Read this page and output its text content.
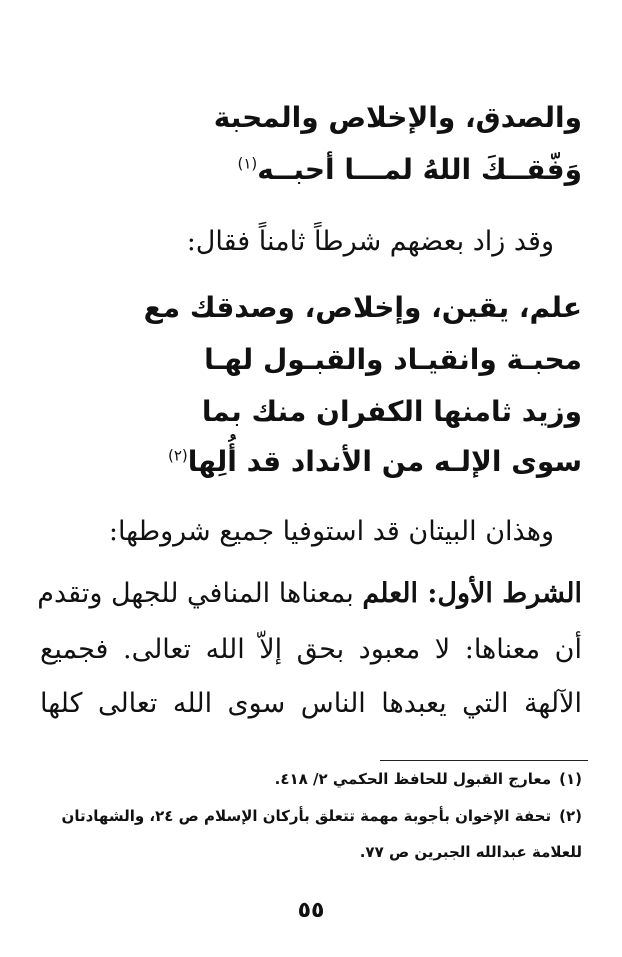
والصدق، والإخلاص والمحبة
وَفّقــكَ اللهُ لمـــا أحبــه$^{(١)}$
وقد زاد بعضهم شرطاً ثامناً فقال:
علم، يقين، وإخلاص، وصدقك مع
محبـة وانقيـاد والقبـول لهـا
وزيد ثامنها الكفران منك بما
سوى الإلـه من الأنداد قد أُلِها$^{(٢)}$
وهذان البيتان قد استوفيا جميع شروطها:
الشرط الأول: العلم بمعناها المنافي للجهل وتقدم
أن معناها: لا معبود بحق إلاّ الله تعالى. فجميع
الآلهة التي يعبدها الناس سوى الله تعالى كلها
(١)معارج القبول للحافظ الحكمي ٢/ ٤١٨.
(٢)تحفة الإخوان بأجوبة مهمة تتعلق بأركان الإسلام ص ٢٤، والشهادتان
للعلامة عبدالله الجبرين ص ٧٧.
٥٥
